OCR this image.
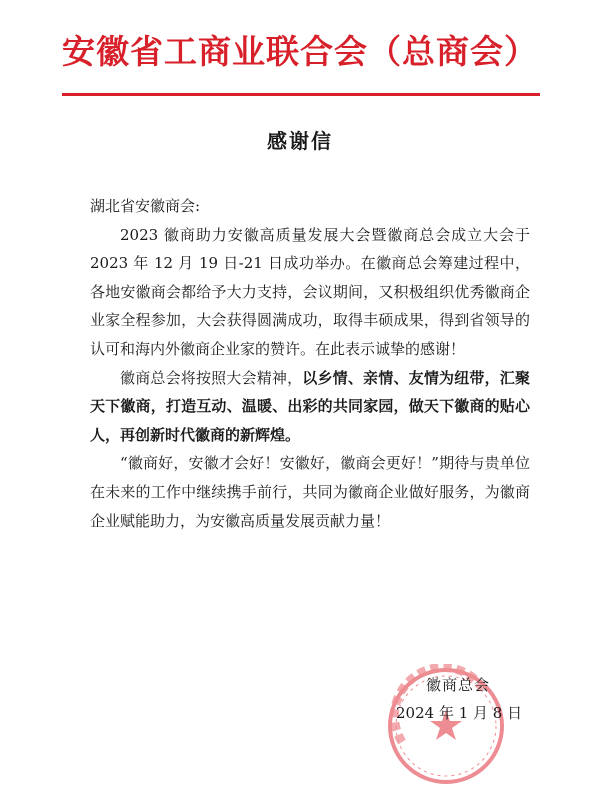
安徽省工商业联合会（总商会）
感谢信

湖北省安徽商会:

2023 徽商助力安徽高质量发展大会暨徽商总会成立大会于 2023 年 12 月 19 日-21 日成功举办。在徽商总会筹建过程中，各地安徽商会都给予大力支持，会议期间，又积极组织优秀徽商企业家全程参加，大会获得圆满成功，取得丰硕成果，得到省领导的认可和海内外徽商企业家的赞许。在此表示诚挚的感谢！

徽商总会将按照大会精神，以乡情、亲情、友情为纽带，汇聚天下徽商，打造互动、温暖、出彩的共同家园，做天下徽商的贴心人，再创新时代徽商的新辉煌。

“徽商好，安徽才会好！安徽好，徽商会更好！”期待与贵单位在未来的工作中继续携手前行，共同为徽商企业做好服务，为徽商企业赋能助力，为安徽高质量发展贡献力量！

徽商总会
2024 年 1 月 8 日
